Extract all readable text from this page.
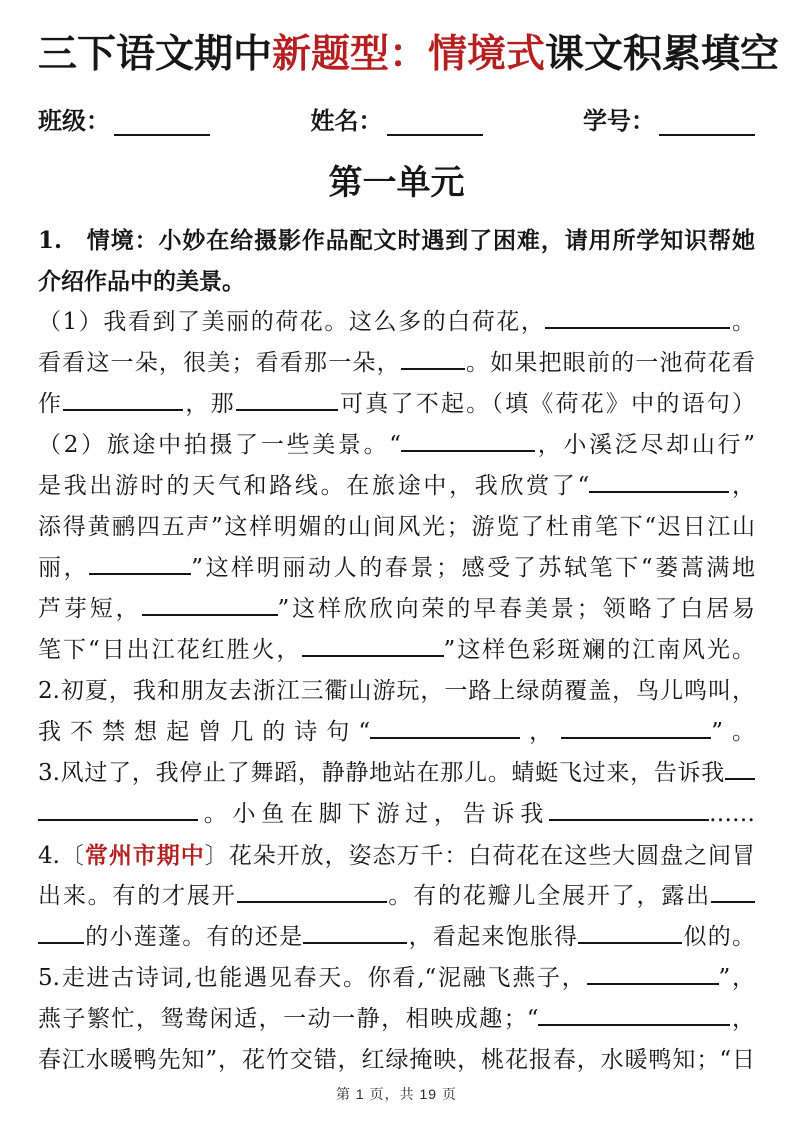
三下语文期中新题型：情境式课文积累填空
班级：	姓名：	学号：
第一单元
1.　情境：小妙在给摄影作品配文时遇到了困难，请用所学知识帮她
介绍作品中的美景。
（1）我看到了美丽的荷花。这么多的白荷花，	。
看看这一朵，很美；看看那一朵，	。如果把眼前的一池荷花看
作	，那	可真了不起。（填《荷花》中的语句）
（2）旅途中拍摄了一些美景。“	，小溪泛尽却山行”
是我出游时的天气和路线。在旅途中，我欣赏了“	，
添得黄鹂四五声”这样明媚的山间风光；游览了杜甫笔下“迟日江山
丽，	”这样明丽动人的春景；感受了苏轼笔下“蒌蒿满地
芦芽短，	”这样欣欣向荣的早春美景；领略了白居易
笔下“日出江花红胜火，	”这样色彩斑斓的江南风光。
2.初夏，我和朋友去浙江三衢山游玩，一路上绿荫覆盖，鸟儿鸣叫，
我不禁想起曾几的诗句“	，	”。
3.风过了，我停止了舞蹈，静静地站在那儿。蜻蜓飞过来，告诉我
。小鱼在脚下游过，告诉我	……
4.〔常州市期中〕花朵开放，姿态万千：白荷花在这些大圆盘之间冒
出来。有的才展开	。有的花瓣儿全展开了，露出
的小莲蓬。有的还是	，看起来饱胀得	似的。
5.走进古诗词,也能遇见春天。你看,“泥融飞燕子，	”，
燕子繁忙，鸳鸯闲适，一动一静，相映成趣；“	，
春江水暖鸭先知”，花竹交错，红绿掩映，桃花报春，水暖鸭知；“日
第 1 页，共 19 页
